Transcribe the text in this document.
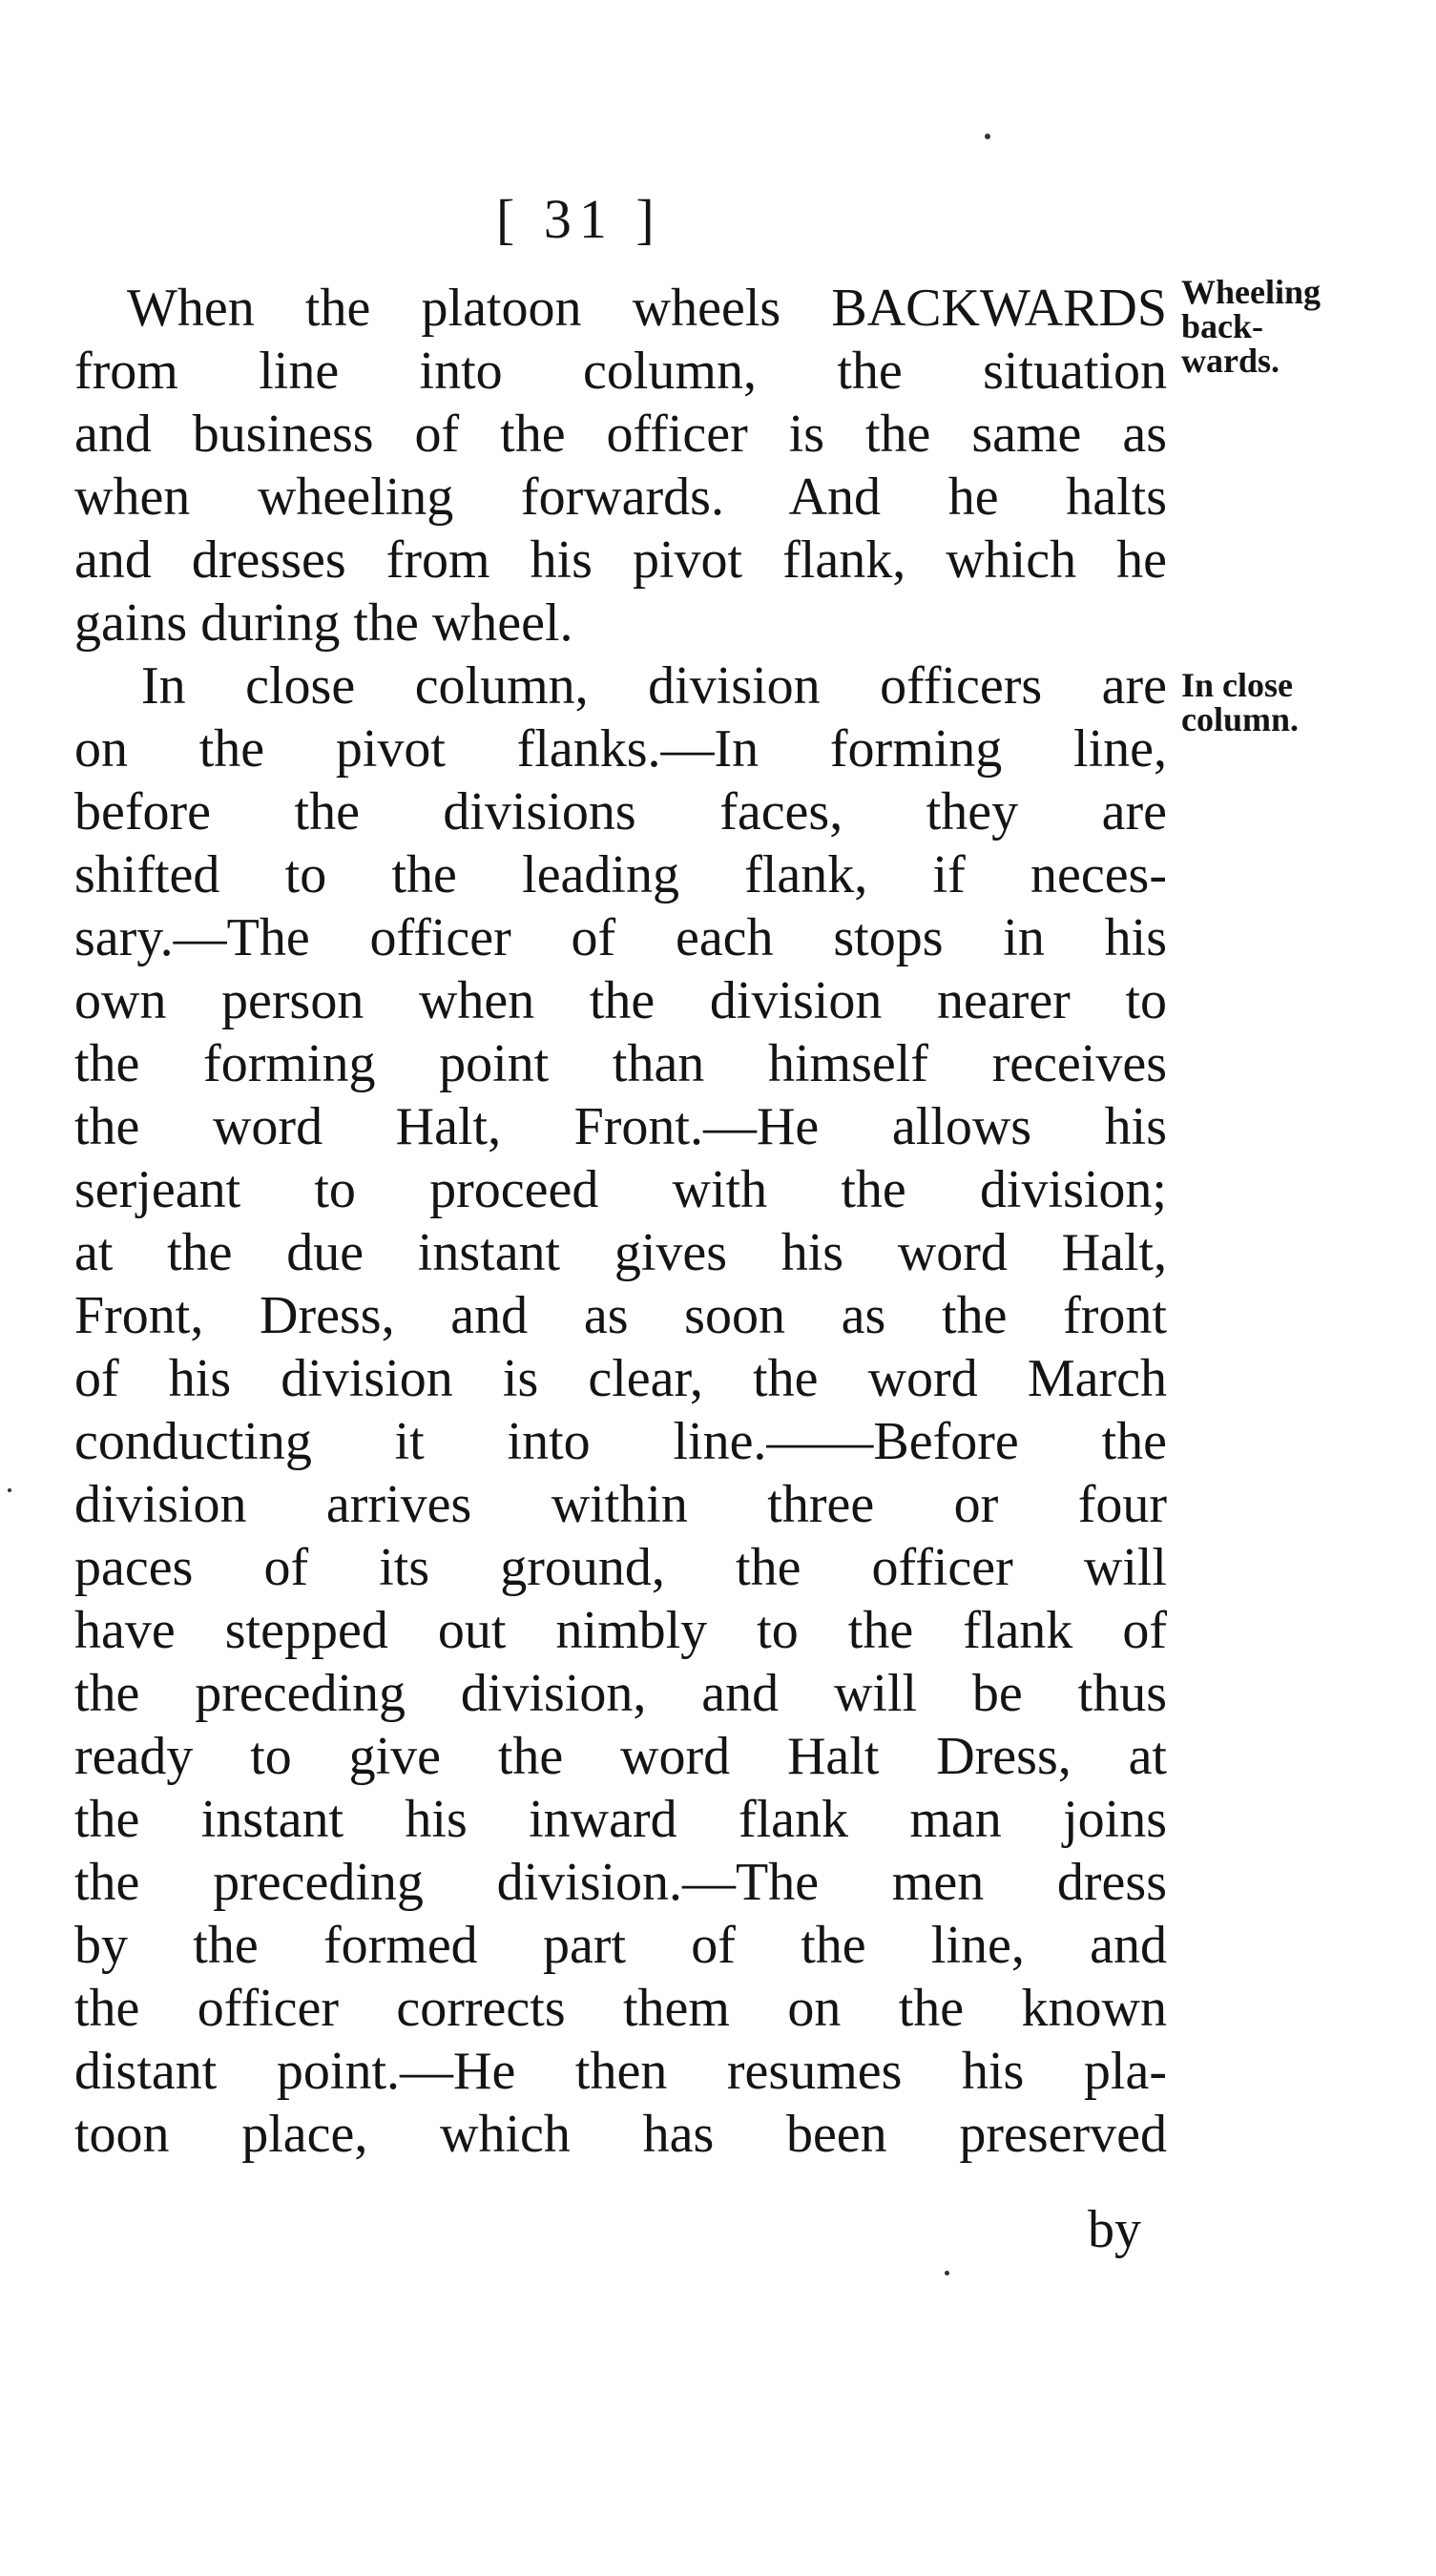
[ 31 ]
Wheeling
back-
wards.
In close
column.
When the platoon wheels BACKWARDS
from line into column, the situation
and business of the officer is the same as
when wheeling forwards. And he halts
and dresses from his pivot flank, which he
gains during the wheel.
In close column, division officers are
on the pivot flanks.—In forming line,
before the divisions faces, they are
shifted to the leading flank, if neces-
sary.—The officer of each stops in his
own person when the division nearer to
the forming point than himself receives
the word Halt, Front.—He allows his
serjeant to proceed with the division;
at the due instant gives his word Halt,
Front, Dress, and as soon as the front
of his division is clear, the word March
conducting it into line.——Before the
division arrives within three or four
paces of its ground, the officer will
have stepped out nimbly to the flank of
the preceding division, and will be thus
ready to give the word Halt Dress, at
the instant his inward flank man joins
the preceding division.—The men dress
by the formed part of the line, and
the officer corrects them on the known
distant point.—He then resumes his pla-
toon place, which has been preserved
by
